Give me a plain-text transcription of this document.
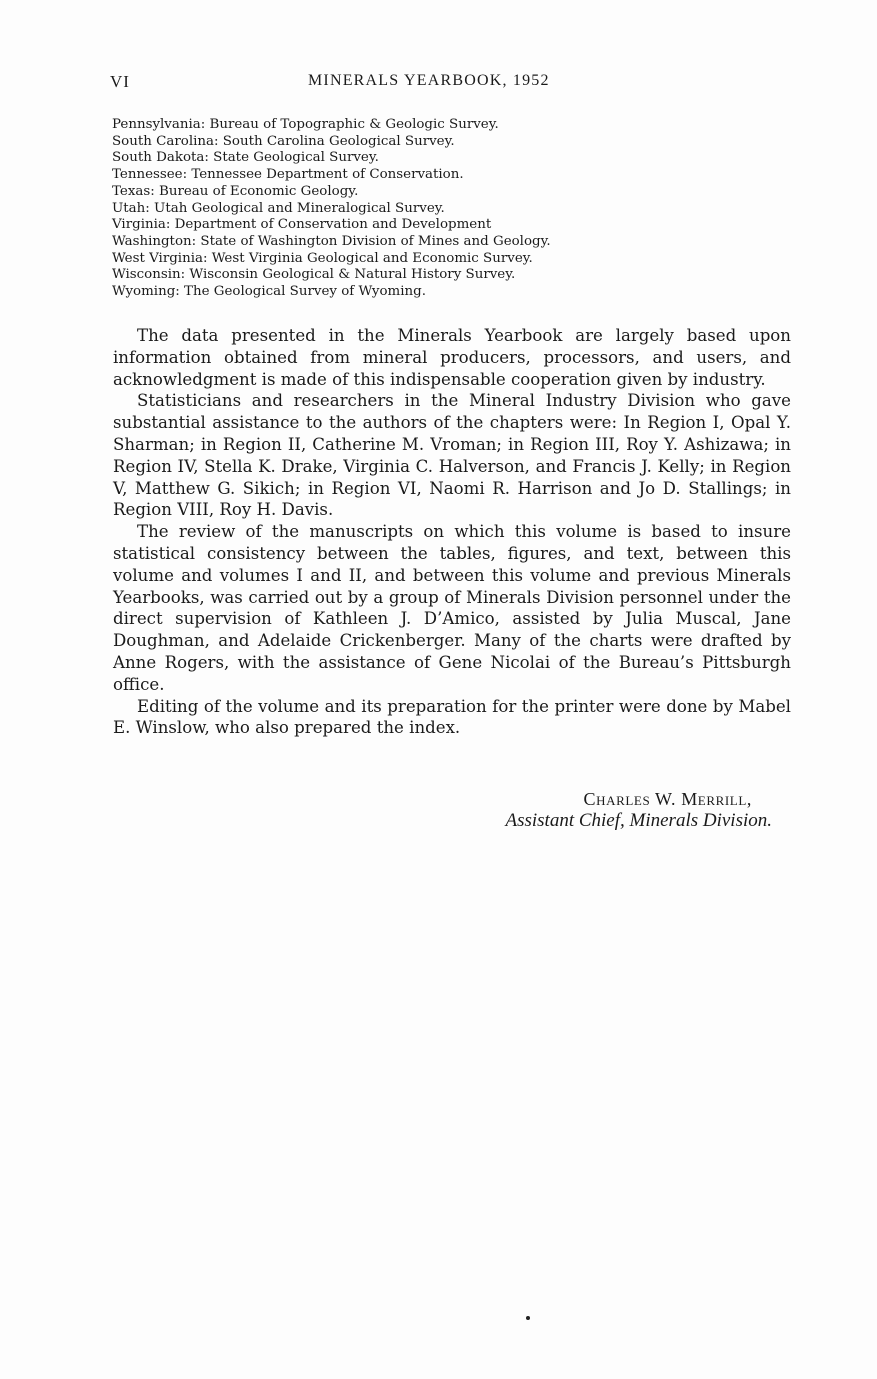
VI	MINERALS YEARBOOK, 1952
Pennsylvania: Bureau of Topographic & Geologic Survey.
South Carolina: South Carolina Geological Survey.
South Dakota: State Geological Survey.
Tennessee: Tennessee Department of Conservation.
Texas: Bureau of Economic Geology.
Utah: Utah Geological and Mineralogical Survey.
Virginia: Department of Conservation and Development
Washington: State of Washington Division of Mines and Geology.
West Virginia: West Virginia Geological and Economic Survey.
Wisconsin: Wisconsin Geological & Natural History Survey.
Wyoming: The Geological Survey of Wyoming.

The data presented in the Minerals Yearbook are largely based upon information obtained from mineral producers, processors, and users, and acknowledgment is made of this indispensable cooperation given by industry.

Statisticians and researchers in the Mineral Industry Division who gave substantial assistance to the authors of the chapters were: In Region I, Opal Y. Sharman; in Region II, Catherine M. Vroman; in Region III, Roy Y. Ashizawa; in Region IV, Stella K. Drake, Virginia C. Halverson, and Francis J. Kelly; in Region V, Matthew G. Sikich; in Region VI, Naomi R. Harrison and Jo D. Stallings; in Region VIII, Roy H. Davis.

The review of the manuscripts on which this volume is based to insure statistical consistency between the tables, figures, and text, between this volume and volumes I and II, and between this volume and previous Minerals Yearbooks, was carried out by a group of Minerals Division personnel under the direct supervision of Kathleen J. D’Amico, assisted by Julia Muscal, Jane Doughman, and Adelaide Crickenberger. Many of the charts were drafted by Anne Rogers, with the assistance of Gene Nicolai of the Bureau’s Pittsburgh office.

Editing of the volume and its preparation for the printer were done by Mabel E. Winslow, who also prepared the index.

Charles W. Merrill,
Assistant Chief, Minerals Division.
